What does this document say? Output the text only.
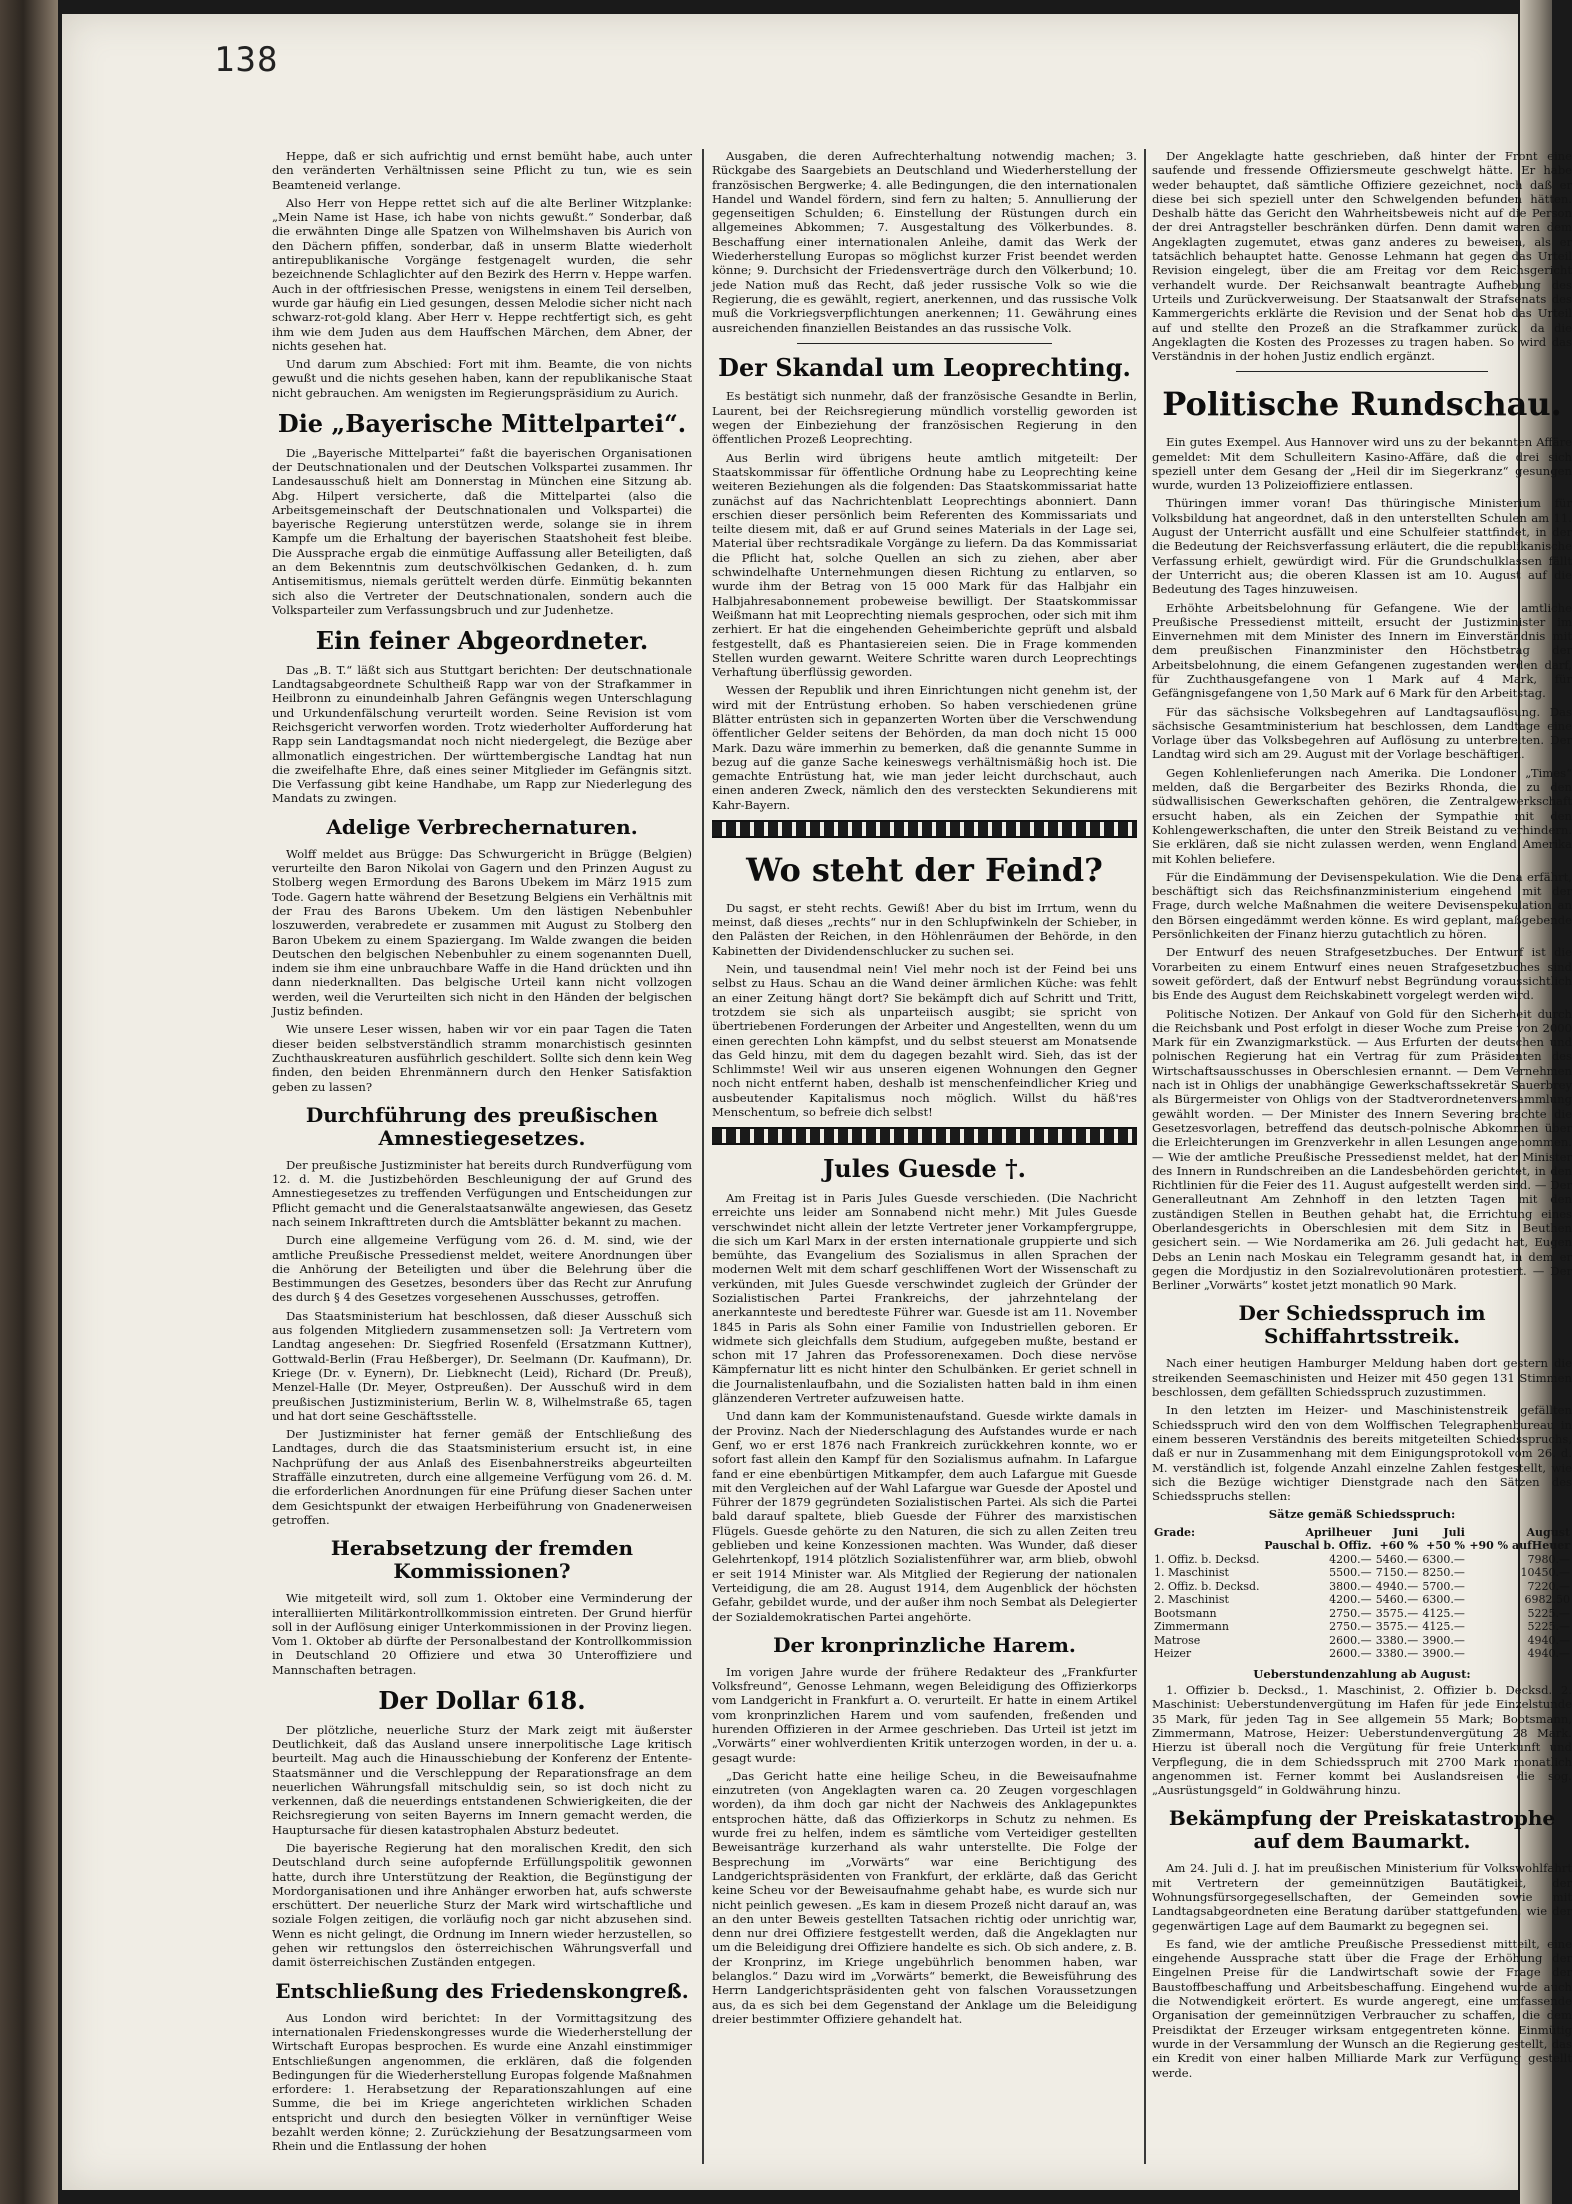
138

Heppe, daß er sich aufrichtig und ernst bemüht habe, auch unter den veränderten Verhältnissen seine Pflicht zu tun, wie es sein Beamteneid verlange.

Also Herr von Heppe rettet sich auf die alte Berliner Witzplanke: „Mein Name ist Hase, ich habe von nichts gewußt.“ Sonderbar, daß die erwähnten Dinge alle Spatzen von Wilhelmshaven bis Aurich von den Dächern pfiffen, sonderbar, daß in unserm Blatte wiederholt antirepublikanische Vorgänge festgenagelt wurden, die sehr bezeichnende Schlaglichter auf den Bezirk des Herrn v. Heppe warfen. Auch in der oftfriesischen Presse, wenigstens in einem Teil derselben, wurde gar häufig ein Lied gesungen, dessen Melodie sicher nicht nach schwarz-rot-gold klang. Aber Herr v. Heppe rechtfertigt sich, es geht ihm wie dem Juden aus dem Hauffschen Märchen, dem Abner, der nichts gesehen hat.

Und darum zum Abschied: Fort mit ihm. Beamte, die von nichts gewußt und die nichts gesehen haben, kann der republikanische Staat nicht gebrauchen. Am wenigsten im Regierungspräsidium zu Aurich.

Die „Bayerische Mittelpartei“.

Die „Bayerische Mittelpartei“ faßt die bayerischen Organisationen der Deutschnationalen und der Deutschen Volkspartei zusammen. Ihr Landesausschuß hielt am Donnerstag in München eine Sitzung ab. Abg. Hilpert versicherte, daß die Mittelpartei (also die Arbeitsgemeinschaft der Deutschnationalen und Volkspartei) die bayerische Regierung unterstützen werde, solange sie in ihrem Kampfe um die Erhaltung der bayerischen Staatshoheit fest bleibe. Die Aussprache ergab die einmütige Auffassung aller Beteiligten, daß an dem Bekenntnis zum deutschvölkischen Gedanken, d. h. zum Antisemitismus, niemals gerüttelt werden dürfe. Einmütig bekannten sich also die Vertreter der Deutschnationalen, sondern auch die Volksparteiler zum Verfassungsbruch und zur Judenhetze.

Ein feiner Abgeordneter.

Das „B. T.“ läßt sich aus Stuttgart berichten: Der deutschnationale Landtagsabgeordnete Schultheiß Rapp war von der Strafkammer in Heilbronn zu einundeinhalb Jahren Gefängnis wegen Unterschlagung und Urkundenfälschung verurteilt worden. Seine Revision ist vom Reichsgericht verworfen worden. Trotz wiederholter Aufforderung hat Rapp sein Landtagsmandat noch nicht niedergelegt, die Bezüge aber allmonatlich eingestrichen. Der württembergische Landtag hat nun die zweifelhafte Ehre, daß eines seiner Mitglieder im Gefängnis sitzt. Die Verfassung gibt keine Handhabe, um Rapp zur Niederlegung des Mandats zu zwingen.

Adelige Verbrechernaturen.

Wolff meldet aus Brügge: Das Schwurgericht in Brügge (Belgien) verurteilte den Baron Nikolai von Gagern und den Prinzen August zu Stolberg wegen Ermordung des Barons Ubekem im März 1915 zum Tode. Gagern hatte während der Besetzung Belgiens ein Verhältnis mit der Frau des Barons Ubekem. Um den lästigen Nebenbuhler loszuwerden, verabredete er zusammen mit August zu Stolberg den Baron Ubekem zu einem Spaziergang. Im Walde zwangen die beiden Deutschen den belgischen Nebenbuhler zu einem sogenannten Duell, indem sie ihm eine unbrauchbare Waffe in die Hand drückten und ihn dann niederknallten. Das belgische Urteil kann nicht vollzogen werden, weil die Verurteilten sich nicht in den Händen der belgischen Justiz befinden.

Wie unsere Leser wissen, haben wir vor ein paar Tagen die Taten dieser beiden selbstverständlich stramm monarchistisch gesinnten Zuchthauskreaturen ausführlich geschildert. Sollte sich denn kein Weg finden, den beiden Ehrenmännern durch den Henker Satisfaktion geben zu lassen?

Durchführung des preußischen Amnestiegesetzes.

Der preußische Justizminister hat bereits durch Rundverfügung vom 12. d. M. die Justizbehörden Beschleunigung der auf Grund des Amnestiegesetzes zu treffenden Verfügungen und Entscheidungen zur Pflicht gemacht und die Generalstaatsanwälte angewiesen, das Gesetz nach seinem Inkrafttreten durch die Amtsblätter bekannt zu machen.

Durch eine allgemeine Verfügung vom 26. d. M. sind, wie der amtliche Preußische Pressedienst meldet, weitere Anordnungen über die Anhörung der Beteiligten und über die Belehrung über die Bestimmungen des Gesetzes, besonders über das Recht zur Anrufung des durch § 4 des Gesetzes vorgesehenen Ausschusses, getroffen.

Das Staatsministerium hat beschlossen, daß dieser Ausschuß sich aus folgenden Mitgliedern zusammensetzen soll: Ja Vertretern vom Landtag angesehen: Dr. Siegfried Rosenfeld (Ersatzmann Kuttner), Gottwald-Berlin (Frau Heßberger), Dr. Seelmann (Dr. Kaufmann), Dr. Kriege (Dr. v. Eynern), Dr. Liebknecht (Leid), Richard (Dr. Preuß), Menzel-Halle (Dr. Meyer, Ostpreußen). Der Ausschuß wird in dem preußischen Justizministerium, Berlin W. 8, Wilhelmstraße 65, tagen und hat dort seine Geschäftsstelle.

Der Justizminister hat ferner gemäß der Entschließung des Landtages, durch die das Staatsministerium ersucht ist, in eine Nachprüfung der aus Anlaß des Eisenbahnerstreiks abgeurteilten Straffälle einzutreten, durch eine allgemeine Verfügung vom 26. d. M. die erforderlichen Anordnungen für eine Prüfung dieser Sachen unter dem Gesichtspunkt der etwaigen Herbeiführung von Gnadenerweisen getroffen.

Herabsetzung der fremden Kommissionen?

Wie mitgeteilt wird, soll zum 1. Oktober eine Verminderung der interalliierten Militärkontrollkommission eintreten. Der Grund hierfür soll in der Auflösung einiger Unterkommissionen in der Provinz liegen. Vom 1. Oktober ab dürfte der Personalbestand der Kontrollkommission in Deutschland 20 Offiziere und etwa 30 Unteroffiziere und Mannschaften betragen.

Der Dollar 618.

Der plötzliche, neuerliche Sturz der Mark zeigt mit äußerster Deutlichkeit, daß das Ausland unsere innerpolitische Lage kritisch beurteilt. Mag auch die Hinausschiebung der Konferenz der Entente-Staatsmänner und die Verschleppung der Reparationsfrage an dem neuerlichen Währungsfall mitschuldig sein, so ist doch nicht zu verkennen, daß die neuerdings entstandenen Schwierigkeiten, die der Reichsregierung von seiten Bayerns im Innern gemacht werden, die Hauptursache für diesen katastrophalen Absturz bedeutet.

Die bayerische Regierung hat den moralischen Kredit, den sich Deutschland durch seine aufopfernde Erfüllungspolitik gewonnen hatte, durch ihre Unterstützung der Reaktion, die Begünstigung der Mordorganisationen und ihre Anhänger erworben hat, aufs schwerste erschüttert. Der neuerliche Sturz der Mark wird wirtschaftliche und soziale Folgen zeitigen, die vorläufig noch gar nicht abzusehen sind. Wenn es nicht gelingt, die Ordnung im Innern wieder herzustellen, so gehen wir rettungslos den österreichischen Währungsverfall und damit österreichischen Zuständen entgegen.

Entschließung des Friedenskongreß.

Aus London wird berichtet: In der Vormittagsitzung des internationalen Friedenskongresses wurde die Wiederherstellung der Wirtschaft Europas besprochen. Es wurde eine Anzahl einstimmiger Entschließungen angenommen, die erklären, daß die folgenden Bedingungen für die Wiederherstellung Europas folgende Maßnahmen erfordere: 1. Herabsetzung der Reparationszahlungen auf eine Summe, die bei im Kriege angerichteten wirklichen Schaden entspricht und durch den besiegten Völker in vernünftiger Weise bezahlt werden könne; 2. Zurückziehung der Besatzungsarmeen vom Rhein und die Entlassung der hohen

Ausgaben, die deren Aufrechterhaltung notwendig machen; 3. Rückgabe des Saargebiets an Deutschland und Wiederherstellung der französischen Bergwerke; 4. alle Bedingungen, die den internationalen Handel und Wandel fördern, sind fern zu halten; 5. Annullierung der gegenseitigen Schulden; 6. Einstellung der Rüstungen durch ein allgemeines Abkommen; 7. Ausgestaltung des Völkerbundes. 8. Beschaffung einer internationalen Anleihe, damit das Werk der Wiederherstellung Europas so möglichst kurzer Frist beendet werden könne; 9. Durchsicht der Friedensverträge durch den Völkerbund; 10. jede Nation muß das Recht, daß jeder russische Volk so wie die Regierung, die es gewählt, regiert, anerkennen, und das russische Volk muß die Vorkriegsverpflichtungen anerkennen; 11. Gewährung eines ausreichenden finanziellen Beistandes an das russische Volk.

Der Skandal um Leoprechting.

Es bestätigt sich nunmehr, daß der französische Gesandte in Berlin, Laurent, bei der Reichsregierung mündlich vorstellig geworden ist wegen der Einbeziehung der französischen Regierung in den öffentlichen Prozeß Leoprechting.

Aus Berlin wird übrigens heute amtlich mitgeteilt: Der Staatskommissar für öffentliche Ordnung habe zu Leoprechting keine weiteren Beziehungen als die folgenden: Das Staatskommissariat hatte zunächst auf das Nachrichtenblatt Leoprechtings abonniert. Dann erschien dieser persönlich beim Referenten des Kommissariats und teilte diesem mit, daß er auf Grund seines Materials in der Lage sei, Material über rechtsradikale Vorgänge zu liefern. Da das Kommissariat die Pflicht hat, solche Quellen an sich zu ziehen, aber aber schwindelhafte Unternehmungen diesen Richtung zu entlarven, so wurde ihm der Betrag von 15 000 Mark für das Halbjahr ein Halbjahresabonnement probeweise bewilligt. Der Staatskommissar Weißmann hat mit Leoprechting niemals gesprochen, oder sich mit ihm zerhiert. Er hat die eingehenden Geheimberichte geprüft und alsbald festgestellt, daß es Phantasiereien seien. Die in Frage kommenden Stellen wurden gewarnt. Weitere Schritte waren durch Leoprechtings Verhaftung überflüssig geworden.

Wessen der Republik und ihren Einrichtungen nicht genehm ist, der wird mit der Entrüstung erhoben. So haben verschiedenen grüne Blätter entrüsten sich in gepanzerten Worten über die Verschwendung öffentlicher Gelder seitens der Behörden, da man doch nicht 15 000 Mark. Dazu wäre immerhin zu bemerken, daß die genannte Summe in bezug auf die ganze Sache keineswegs verhältnismäßig hoch ist. Die gemachte Entrüstung hat, wie man jeder leicht durchschaut, auch einen anderen Zweck, nämlich den des versteckten Sekundierens mit Kahr-Bayern.

Wo steht der Feind?

Du sagst, er steht rechts. Gewiß! Aber du bist im Irrtum, wenn du meinst, daß dieses „rechts“ nur in den Schlupfwinkeln der Schieber, in den Palästen der Reichen, in den Höhlenräumen der Behörde, in den Kabinetten der Dividendenschlucker zu suchen sei.

Nein, und tausendmal nein! Viel mehr noch ist der Feind bei uns selbst zu Haus. Schau an die Wand deiner ärmlichen Küche: was fehlt an einer Zeitung hängt dort? Sie bekämpft dich auf Schritt und Tritt, trotzdem sie sich als unparteiisch ausgibt; sie spricht von übertriebenen Forderungen der Arbeiter und Angestellten, wenn du um einen gerechten Lohn kämpfst, und du selbst steuerst am Monatsende das Geld hinzu, mit dem du dagegen bezahlt wird. Sieh, das ist der Schlimmste! Weil wir aus unseren eigenen Wohnungen den Gegner noch nicht entfernt haben, deshalb ist menschenfeindlicher Krieg und ausbeutender Kapitalismus noch möglich. Willst du häß'res Menschentum, so befreie dich selbst!

Jules Guesde †.

Am Freitag ist in Paris Jules Guesde verschieden. (Die Nachricht erreichte uns leider am Sonnabend nicht mehr.) Mit Jules Guesde verschwindet nicht allein der letzte Vertreter jener Vorkampfergruppe, die sich um Karl Marx in der ersten internationale gruppierte und sich bemühte, das Evangelium des Sozialismus in allen Sprachen der modernen Welt mit dem scharf geschliffenen Wort der Wissenschaft zu verkünden, mit Jules Guesde verschwindet zugleich der Gründer der Sozialistischen Partei Frankreichs, der jahrzehntelang der anerkannteste und beredteste Führer war. Guesde ist am 11. November 1845 in Paris als Sohn einer Familie von Industriellen geboren. Er widmete sich gleichfalls dem Studium, aufgegeben mußte, bestand er schon mit 17 Jahren das Professorenexamen. Doch diese nervöse Kämpfernatur litt es nicht hinter den Schulbänken. Er geriet schnell in die Journalistenlaufbahn, und die Sozialisten hatten bald in ihm einen glänzenderen Vertreter aufzuweisen hatte.

Und dann kam der Kommunistenaufstand. Guesde wirkte damals in der Provinz. Nach der Niederschlagung des Aufstandes wurde er nach Genf, wo er erst 1876 nach Frankreich zurückkehren konnte, wo er sofort fast allein den Kampf für den Sozialismus aufnahm. In Lafargue fand er eine ebenbürtigen Mitkampfer, dem auch Lafargue mit Guesde mit den Vergleichen auf der Wahl Lafargue war Guesde der Apostel und Führer der 1879 gegründeten Sozialistischen Partei. Als sich die Partei bald darauf spaltete, blieb Guesde der Führer des marxistischen Flügels. Guesde gehörte zu den Naturen, die sich zu allen Zeiten treu geblieben und keine Konzessionen machten. Was Wunder, daß dieser Gelehrtenkopf, 1914 plötzlich Sozialistenführer war, arm blieb, obwohl er seit 1914 Minister war. Als Mitglied der Regierung der nationalen Verteidigung, die am 28. August 1914, dem Augenblick der höchsten Gefahr, gebildet wurde, und der außer ihm noch Sembat als Delegierter der Sozialdemokratischen Partei angehörte.

Der kronprinzliche Harem.

Im vorigen Jahre wurde der frühere Redakteur des „Frankfurter Volksfreund“, Genosse Lehmann, wegen Beleidigung des Offizierkorps vom Landgericht in Frankfurt a. O. verurteilt. Er hatte in einem Artikel vom kronprinzlichen Harem und vom saufenden, freßenden und hurenden Offizieren in der Armee geschrieben. Das Urteil ist jetzt im „Vorwärts“ einer wohlverdienten Kritik unterzogen worden, in der u. a. gesagt wurde:

„Das Gericht hatte eine heilige Scheu, in die Beweisaufnahme einzutreten (von Angeklagten waren ca. 20 Zeugen vorgeschlagen worden), da ihm doch gar nicht der Nachweis des Anklagepunktes entsprochen hätte, daß das Offizierkorps in Schutz zu nehmen. Es wurde frei zu helfen, indem es sämtliche vom Verteidiger gestellten Beweisanträge kurzerhand als wahr unterstellte. Die Folge der Besprechung im „Vorwärts“ war eine Berichtigung des Landgerichtspräsidenten von Frankfurt, der erklärte, daß das Gericht keine Scheu vor der Beweisaufnahme gehabt habe, es wurde sich nur nicht peinlich gewesen. „Es kam in diesem Prozeß nicht darauf an, was an den unter Beweis gestellten Tatsachen richtig oder unrichtig war, denn nur drei Offiziere festgestellt werden, daß die Angeklagten nur um die Beleidigung drei Offiziere handelte es sich. Ob sich andere, z. B. der Kronprinz, im Kriege ungebührlich benommen haben, war belanglos.“ Dazu wird im „Vorwärts“ bemerkt, die Beweisführung des Herrn Landgerichtspräsidenten geht von falschen Voraussetzungen aus, da es sich bei dem Gegenstand der Anklage um die Beleidigung dreier bestimmter Offiziere gehandelt hat.

Der Angeklagte hatte geschrieben, daß hinter der Front eine saufende und fressende Offiziersmeute geschwelgt hätte. Er habe weder behauptet, daß sämtliche Offiziere gezeichnet, noch daß er diese bei sich speziell unter den Schwelgenden befunden hätten. Deshalb hätte das Gericht den Wahrheitsbeweis nicht auf die Person der drei Antragsteller beschränken dürfen. Denn damit waren dem Angeklagten zugemutet, etwas ganz anderes zu beweisen, als er tatsächlich behauptet hatte. Genosse Lehmann hat gegen das Urteil Revision eingelegt, über die am Freitag vor dem Reichsgericht verhandelt wurde. Der Reichsanwalt beantragte Aufhebung des Urteils und Zurückverweisung. Der Staatsanwalt der Strafsenats des Kammergerichts erklärte die Revision und der Senat hob das Urteil auf und stellte den Prozeß an die Strafkammer zurück, da die Angeklagten die Kosten des Prozesses zu tragen haben. So wird das Verständnis in der hohen Justiz endlich ergänzt.

Politische Rundschau.

Ein gutes Exempel. Aus Hannover wird uns zu der bekannten Affäre gemeldet: Mit dem Schulleitern Kasino-Affäre, daß die drei sich speziell unter dem Gesang der „Heil dir im Siegerkranz“ gesungen wurde, wurden 13 Polizeioffiziere entlassen.

Thüringen immer voran! Das thüringische Ministerium für Volksbildung hat angeordnet, daß in den unterstellten Schulen am 11. August der Unterricht ausfällt und eine Schulfeier stattfindet, in der die Bedeutung der Reichsverfassung erläutert, die die republikanische Verfassung erhielt, gewürdigt wird. Für die Grundschulklassen fällt der Unterricht aus; die oberen Klassen ist am 10. August auf die Bedeutung des Tages hinzuweisen.

Erhöhte Arbeitsbelohnung für Gefangene. Wie der amtliche Preußische Pressedienst mitteilt, ersucht der Justizminister im Einvernehmen mit dem Minister des Innern im Einverständnis mit dem preußischen Finanzminister den Höchstbetrag der Arbeitsbelohnung, die einem Gefangenen zugestanden werden darf, für Zuchthausgefangene von 1 Mark auf 4 Mark, für Gefängnisgefangene von 1,50 Mark auf 6 Mark für den Arbeitstag.

Für das sächsische Volksbegehren auf Landtagsauflösung. Das sächsische Gesamtministerium hat beschlossen, dem Landtage eine Vorlage über das Volksbegehren auf Auflösung zu unterbreiten. Der Landtag wird sich am 29. August mit der Vorlage beschäftigen.

Gegen Kohlenlieferungen nach Amerika. Die Londoner „Times“ melden, daß die Bergarbeiter des Bezirks Rhonda, die zu den südwallisischen Gewerkschaften gehören, die Zentralgewerkschaft ersucht haben, als ein Zeichen der Sympathie mit den Kohlengewerkschaften, die unter den Streik Beistand zu verhindern. Sie erklären, daß sie nicht zulassen werden, wenn England Amerika mit Kohlen beliefere.

Für die Eindämmung der Devisenspekulation. Wie die Dena erfährt, beschäftigt sich das Reichsfinanzministerium eingehend mit der Frage, durch welche Maßnahmen die weitere Devisenspekulation an den Börsen eingedämmt werden könne. Es wird geplant, maßgebende Persönlichkeiten der Finanz hierzu gutachtlich zu hören.

Der Entwurf des neuen Strafgesetzbuches. Der Entwurf ist die Vorarbeiten zu einem Entwurf eines neuen Strafgesetzbuches sind soweit gefördert, daß der Entwurf nebst Begründung voraussichtlich bis Ende des August dem Reichskabinett vorgelegt werden wird.

Politische Notizen. Der Ankauf von Gold für den Sicherheit durch die Reichsbank und Post erfolgt in dieser Woche zum Preise von 2000 Mark für ein Zwanzigmarkstück. — Aus Erfurten der deutschen und polnischen Regierung hat ein Vertrag für zum Präsidenten des Wirtschaftsausschusses in Oberschlesien ernannt. — Dem Vernehmen nach ist in Ohligs der unabhängige Gewerkschaftssekretär Sauerbrey als Bürgermeister von Ohligs von der Stadtverordnetenversammlung gewählt worden. — Der Minister des Innern Severing brachte die Gesetzesvorlagen, betreffend das deutsch-polnische Abkommen über die Erleichterungen im Grenzverkehr in allen Lesungen angenommen. — Wie der amtliche Preußische Pressedienst meldet, hat der Minister des Innern in Rundschreiben an die Landesbehörden gerichtet, in den Richtlinien für die Feier des 11. August aufgestellt werden sind. — Der Generalleutnant Am Zehnhoff in den letzten Tagen mit den zuständigen Stellen in Beuthen gehabt hat, die Errichtung eines Oberlandesgerichts in Oberschlesien mit dem Sitz in Beuthen gesichert sein. — Wie Nordamerika am 26. Juli gedacht hat, Eugen Debs an Lenin nach Moskau ein Telegramm gesandt hat, in dem er gegen die Mordjustiz in den Sozialrevolutionären protestiert. — Der Berliner „Vorwärts“ kostet jetzt monatlich 90 Mark.

Der Schiedsspruch im Schiffahrtsstreik.

Nach einer heutigen Hamburger Meldung haben dort gestern die streikenden Seemaschinisten und Heizer mit 450 gegen 131 Stimmen beschlossen, dem gefällten Schiedsspruch zuzustimmen.

In den letzten im Heizer- und Maschinistenstreik gefällten Schiedsspruch wird den von dem Wolffischen Telegraphenbureau in einem besseren Verständnis des bereits mitgeteilten Schiedsspruchs, daß er nur in Zusammenhang mit dem Einigungsprotokoll vom 26. d. M. verständlich ist, folgende Anzahl einzelne Zahlen festgestellt, wie sich die Bezüge wichtiger Dienstgrade nach den Sätzen des Schiedsspruchs stellen:

Sätze gemäß Schiedsspruch:
Grade:	Aprilheuer	Juni	Juli	August
	Pauschal b. Offiz.	+60 %	+50 %	+90 % aufHeuer
1. Offiz. b. Decksd.	4200.—	5460.—	6300.—	7980.—
1. Maschinist	5500.—	7150.—	8250.—	10450.—
2. Offiz. b. Decksd.	3800.—	4940.—	5700.—	7220.—
2. Maschinist	4200.—	5460.—	6300.—	6982.50
Bootsmann	2750.—	3575.—	4125.—	5225.—
Zimmermann	2750.—	3575.—	4125.—	5225.—
Matrose	2600.—	3380.—	3900.—	4940.—
Heizer	2600.—	3380.—	3900.—	4940.—
Ueberstundenzahlung ab August:

1. Offizier b. Decksd., 1. Maschinist, 2. Offizier b. Decksd. 2. Maschinist: Ueberstundenvergütung im Hafen für jede Einzelstunde 35 Mark, für jeden Tag in See allgemein 55 Mark; Bootsmann, Zimmermann, Matrose, Heizer: Ueberstundenvergütung 28 Mark. Hierzu ist überall noch die Vergütung für freie Unterkunft und Verpflegung, die in dem Schiedsspruch mit 2700 Mark monatlich angenommen ist. Ferner kommt bei Auslandsreisen die sog. „Ausrüstungsgeld“ in Goldwährung hinzu.

Bekämpfung der Preiskatastrophe auf dem Baumarkt.

Am 24. Juli d. J. hat im preußischen Ministerium für Volkswohlfahrt mit Vertretern der gemeinnützigen Bautätigkeit, der Wohnungsfürsorgegesellschaften, der Gemeinden sowie mit Landtagsabgeordneten eine Beratung darüber stattgefunden, wie der gegenwärtigen Lage auf dem Baumarkt zu begegnen sei.

Es fand, wie der amtliche Preußische Pressedienst mitteilt, eine eingehende Aussprache statt über die Frage der Erhöhung der Eingelnen Preise für die Landwirtschaft sowie der Frage der Baustoffbeschaffung und Arbeitsbeschaffung. Eingehend wurde auch die Notwendigkeit erörtert. Es wurde angeregt, eine umfassende Organisation der gemeinnützigen Verbraucher zu schaffen, die dem Preisdiktat der Erzeuger wirksam entgegentreten könne. Einmütig wurde in der Versammlung der Wunsch an die Regierung gestellt, das ein Kredit von einer halben Milliarde Mark zur Verfügung gestellt werde.
